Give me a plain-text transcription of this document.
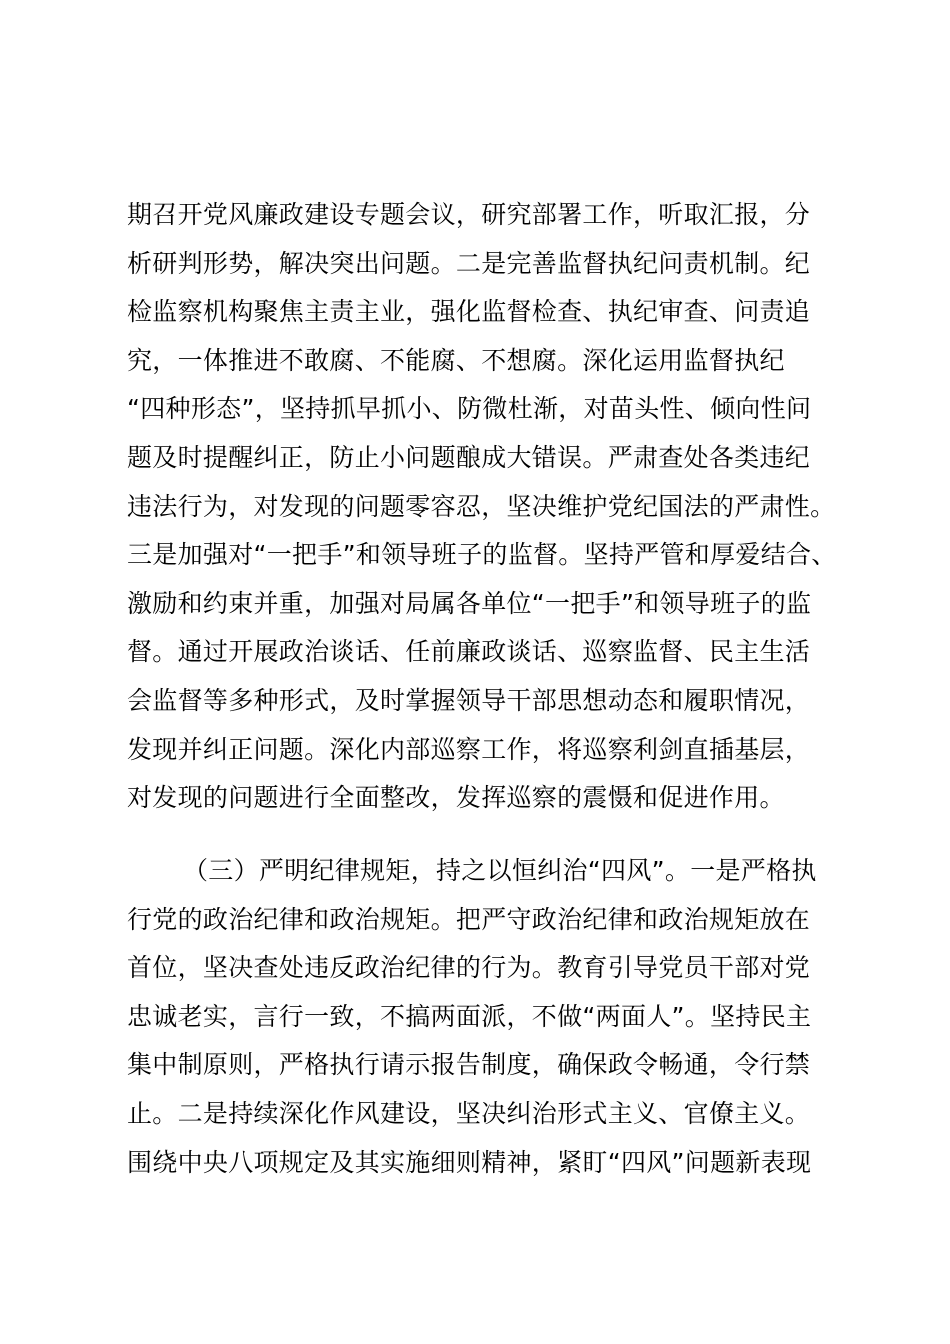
期召开党风廉政建设专题会议，研究部署工作，听取汇报，分
析研判形势，解决突出问题。二是完善监督执纪问责机制。纪
检监察机构聚焦主责主业，强化监督检查、执纪审查、问责追
究，一体推进不敢腐、不能腐、不想腐。深化运用监督执纪
“四种形态”，坚持抓早抓小、防微杜渐，对苗头性、倾向性问
题及时提醒纠正，防止小问题酿成大错误。严肃查处各类违纪
违法行为，对发现的问题零容忍，坚决维护党纪国法的严肃性。
三是加强对“一把手”和领导班子的监督。坚持严管和厚爱结合、
激励和约束并重，加强对局属各单位“一把手”和领导班子的监
督。通过开展政治谈话、任前廉政谈话、巡察监督、民主生活
会监督等多种形式，及时掌握领导干部思想动态和履职情况，
发现并纠正问题。深化内部巡察工作，将巡察利剑直插基层，
对发现的问题进行全面整改，发挥巡察的震慑和促进作用。
（三）严明纪律规矩，持之以恒纠治“四风”。一是严格执
行党的政治纪律和政治规矩。把严守政治纪律和政治规矩放在
首位，坚决查处违反政治纪律的行为。教育引导党员干部对党
忠诚老实，言行一致，不搞两面派，不做“两面人”。坚持民主
集中制原则，严格执行请示报告制度，确保政令畅通，令行禁
止。二是持续深化作风建设，坚决纠治形式主义、官僚主义。
围绕中央八项规定及其实施细则精神，紧盯“四风”问题新表现
